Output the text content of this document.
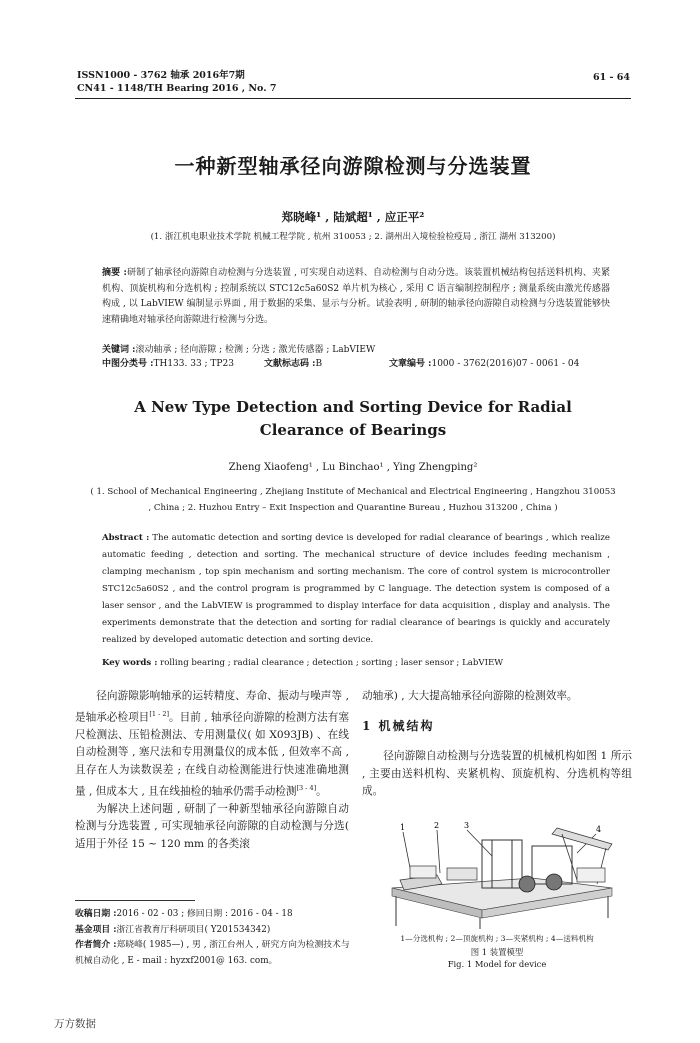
ISSN1000 - 3762 轴承 2016年7期
CN41 - 1148/TH Bearing 2016 , No. 7
61 - 64
一种新型轴承径向游隙检测与分选装置
郑晓峰¹ , 陆斌超¹ , 应正平²
(1. 浙江机电职业技术学院 机械工程学院 , 杭州 310053 ; 2. 湖州出入境检验检疫局 , 浙江 湖州 313200)
摘要 :研制了轴承径向游隙自动检测与分选装置 , 可实现自动送料、自动检测与自动分选。该装置机械结构包括送料机构、夹紧机构、顶旋机构和分选机构 ; 控制系统以 STC12c5a60S2 单片机为核心 , 采用 C 语言编制控制程序 ; 测量系统由激光传感器构成 , 以 LabVIEW 编制显示界面 , 用于数据的采集、显示与分析。试验表明 , 研制的轴承径向游隙自动检测与分选装置能够快速精确地对轴承径向游隙进行检测与分选。
关键词 :滚动轴承 ; 径向游隙 ; 检测 ; 分选 ; 激光传感器 ; LabVIEW
中图分类号 :TH133. 33 ; TP23	文献标志码 :B	文章编号 :1000 - 3762(2016)07 - 0061 - 04
A New Type Detection and Sorting Device for Radial Clearance of Bearings
Zheng Xiaofeng¹ , Lu Binchao¹ , Ying Zhengping²
( 1. School of Mechanical Engineering , Zhejiang Institute of Mechanical and Electrical Engineering , Hangzhou 310053 , China ; 2. Huzhou Entry – Exit Inspection and Quarantine Bureau , Huzhou 313200 , China )
Abstract : The automatic detection and sorting device is developed for radial clearance of bearings , which realize automatic feeding , detection and sorting. The mechanical structure of device includes feeding mechanism , clamping mechanism , top spin mechanism and sorting mechanism. The core of control system is microcontroller STC12c5a60S2 , and the control program is programmed by C language. The detection system is composed of a laser sensor , and the LabVIEW is programmed to display interface for data acquisition , display and analysis. The experiments demonstrate that the detection and sorting for radial clearance of bearings is quickly and accurately realized by developed automatic detection and sorting device.
Key words : rolling bearing ; radial clearance ; detection ; sorting ; laser sensor ; LabVIEW

径向游隙影响轴承的运转精度、寿命、振动与噪声等 , 是轴承必检项目[1 - 2]。目前 , 轴承径向游隙的检测方法有塞尺检测法、压铅检测法、专用测量仪( 如 X093JB) 、在线自动检测等 , 塞尺法和专用测量仪的成本低 , 但效率不高 , 且存在人为读数误差 ; 在线自动检测能进行快速准确地测量 , 但成本大 , 且在线抽检的轴承仍需手动检测[3 - 4]。

为解决上述问题 , 研制了一种新型轴承径向游隙自动检测与分选装置 , 可实现轴承径向游隙的自动检测与分选( 适用于外径 15 ~ 120 mm 的各类滚

动轴承) , 大大提高轴承径向游隙的检测效率。
1 机械结构

径向游隙自动检测与分选装置的机械机构如图 1 所示 , 主要由送料机构、夹紧机构、顶旋机构、分选机构等组成。

1	2	3	4
1—分选机构 ; 2—顶旋机构 ; 3—夹紧机构 ; 4—送料机构
图 1 装置模型
Fig. 1 Model for device
收稿日期 :2016 - 02 - 03 ; 修回日期 : 2016 - 04 - 18
基金项目 :浙江省教育厅科研项目( Y201534342)
作者简介 :郑晓峰( 1985—) , 男 , 浙江台州人 , 研究方向为检测技术与机械自动化 , E - mail : hyzxf2001@ 163. com。
万方数据
